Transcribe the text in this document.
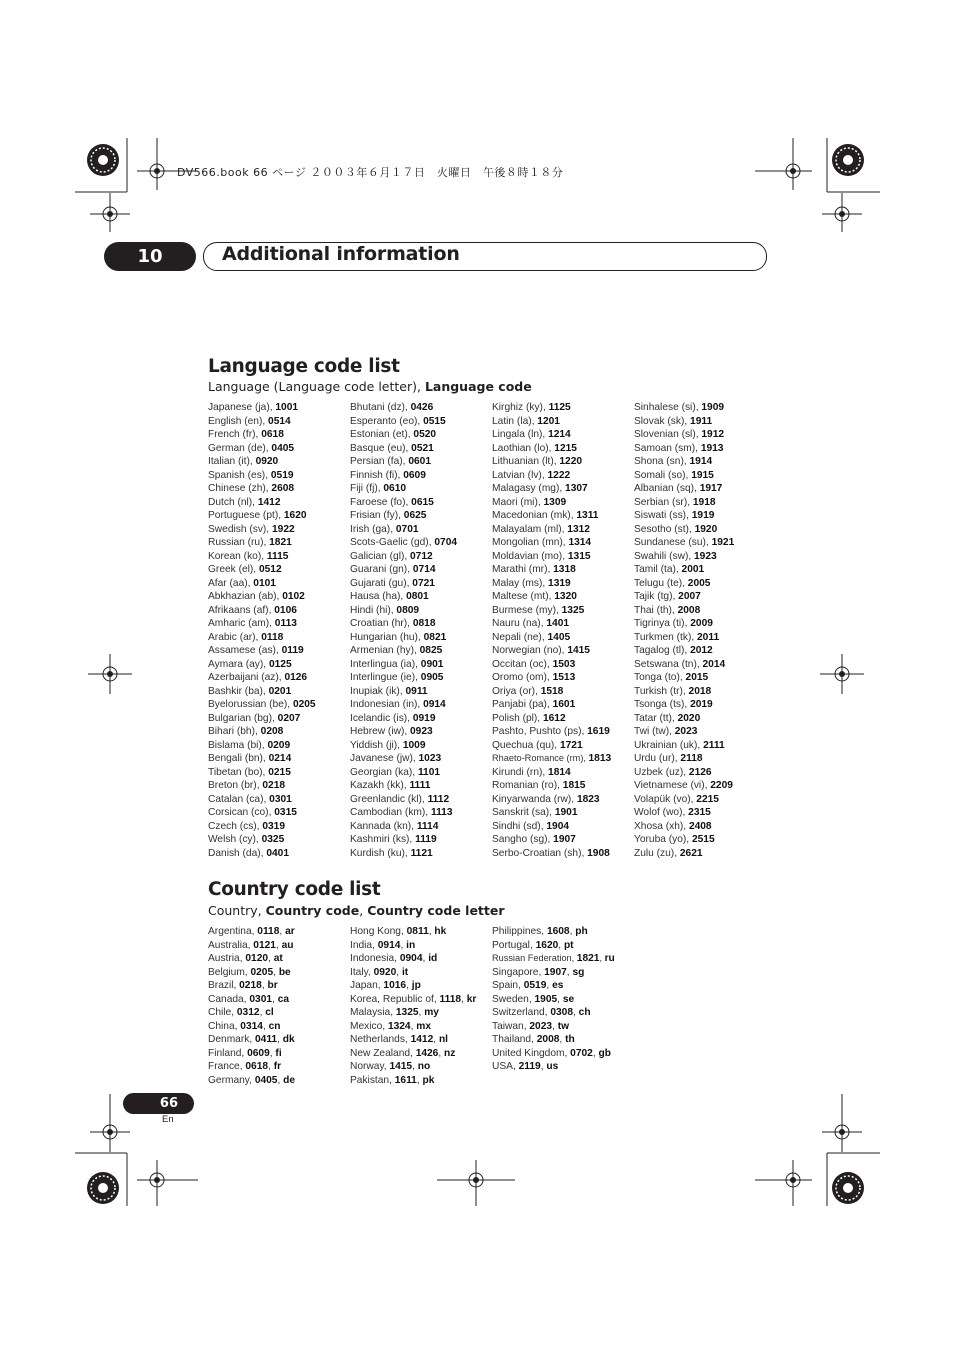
DV566.book 66 ページ ２００３年６月１７日　火曜日　午後８時１８分
10	Additional information
Language code list
Language (Language code letter), Language code
Japanese (ja), 1001
English (en), 0514
French (fr), 0618
German (de), 0405
Italian (it), 0920
Spanish (es), 0519
Chinese (zh), 2608
Dutch (nl), 1412
Portuguese (pt), 1620
Swedish (sv), 1922
Russian (ru), 1821
Korean (ko), 1115
Greek (el), 0512
Afar (aa), 0101
Abkhazian (ab), 0102
Afrikaans (af), 0106
Amharic (am), 0113
Arabic (ar), 0118
Assamese (as), 0119
Aymara (ay), 0125
Azerbaijani (az), 0126
Bashkir (ba), 0201
Byelorussian (be), 0205
Bulgarian (bg), 0207
Bihari (bh), 0208
Bislama (bi), 0209
Bengali (bn), 0214
Tibetan (bo), 0215
Breton (br), 0218
Catalan (ca), 0301
Corsican (co), 0315
Czech (cs), 0319
Welsh (cy), 0325
Danish (da), 0401
Bhutani (dz), 0426
Esperanto (eo), 0515
Estonian (et), 0520
Basque (eu), 0521
Persian (fa), 0601
Finnish (fi), 0609
Fiji (fj), 0610
Faroese (fo), 0615
Frisian (fy), 0625
Irish (ga), 0701
Scots-Gaelic (gd), 0704
Galician (gl), 0712
Guarani (gn), 0714
Gujarati (gu), 0721
Hausa (ha), 0801
Hindi (hi), 0809
Croatian (hr), 0818
Hungarian (hu), 0821
Armenian (hy), 0825
Interlingua (ia), 0901
Interlingue (ie), 0905
Inupiak (ik), 0911
Indonesian (in), 0914
Icelandic (is), 0919
Hebrew (iw), 0923
Yiddish (ji), 1009
Javanese (jw), 1023
Georgian (ka), 1101
Kazakh (kk), 1111
Greenlandic (kl), 1112
Cambodian (km), 1113
Kannada (kn), 1114
Kashmiri (ks), 1119
Kurdish (ku), 1121
Kirghiz (ky), 1125
Latin (la), 1201
Lingala (ln), 1214
Laothian (lo), 1215
Lithuanian (lt), 1220
Latvian (lv), 1222
Malagasy (mg), 1307
Maori (mi), 1309
Macedonian (mk), 1311
Malayalam (ml), 1312
Mongolian (mn), 1314
Moldavian (mo), 1315
Marathi (mr), 1318
Malay (ms), 1319
Maltese (mt), 1320
Burmese (my), 1325
Nauru (na), 1401
Nepali (ne), 1405
Norwegian (no), 1415
Occitan (oc), 1503
Oromo (om), 1513
Oriya (or), 1518
Panjabi (pa), 1601
Polish (pl), 1612
Pashto, Pushto (ps), 1619
Quechua (qu), 1721
Rhaeto-Romance (rm), 1813
Kirundi (rn), 1814
Romanian (ro), 1815
Kinyarwanda (rw), 1823
Sanskrit (sa), 1901
Sindhi (sd), 1904
Sangho (sg), 1907
Serbo-Croatian (sh), 1908
Sinhalese (si), 1909
Slovak (sk), 1911
Slovenian (sl), 1912
Samoan (sm), 1913
Shona (sn), 1914
Somali (so), 1915
Albanian (sq), 1917
Serbian (sr), 1918
Siswati (ss), 1919
Sesotho (st), 1920
Sundanese (su), 1921
Swahili (sw), 1923
Tamil (ta), 2001
Telugu (te), 2005
Tajik (tg), 2007
Thai (th), 2008
Tigrinya (ti), 2009
Turkmen (tk), 2011
Tagalog (tl), 2012
Setswana (tn), 2014
Tonga (to), 2015
Turkish (tr), 2018
Tsonga (ts), 2019
Tatar (tt), 2020
Twi (tw), 2023
Ukrainian (uk), 2111
Urdu (ur), 2118
Uzbek (uz), 2126
Vietnamese (vi), 2209
Volapük (vo), 2215
Wolof (wo), 2315
Xhosa (xh), 2408
Yoruba (yo), 2515
Zulu (zu), 2621
Country code list
Country, Country code, Country code letter
Argentina, 0118, ar
Australia, 0121, au
Austria, 0120, at
Belgium, 0205, be
Brazil, 0218, br
Canada, 0301, ca
Chile, 0312, cl
China, 0314, cn
Denmark, 0411, dk
Finland, 0609, fi
France, 0618, fr
Germany, 0405, de
Hong Kong, 0811, hk
India, 0914, in
Indonesia, 0904, id
Italy, 0920, it
Japan, 1016, jp
Korea, Republic of, 1118, kr
Malaysia, 1325, my
Mexico, 1324, mx
Netherlands, 1412, nl
New Zealand, 1426, nz
Norway, 1415, no
Pakistan, 1611, pk
Philippines, 1608, ph
Portugal, 1620, pt
Russian Federation, 1821, ru
Singapore, 1907, sg
Spain, 0519, es
Sweden, 1905, se
Switzerland, 0308, ch
Taiwan, 2023, tw
Thailand, 2008, th
United Kingdom, 0702, gb
USA, 2119, us
66
En
